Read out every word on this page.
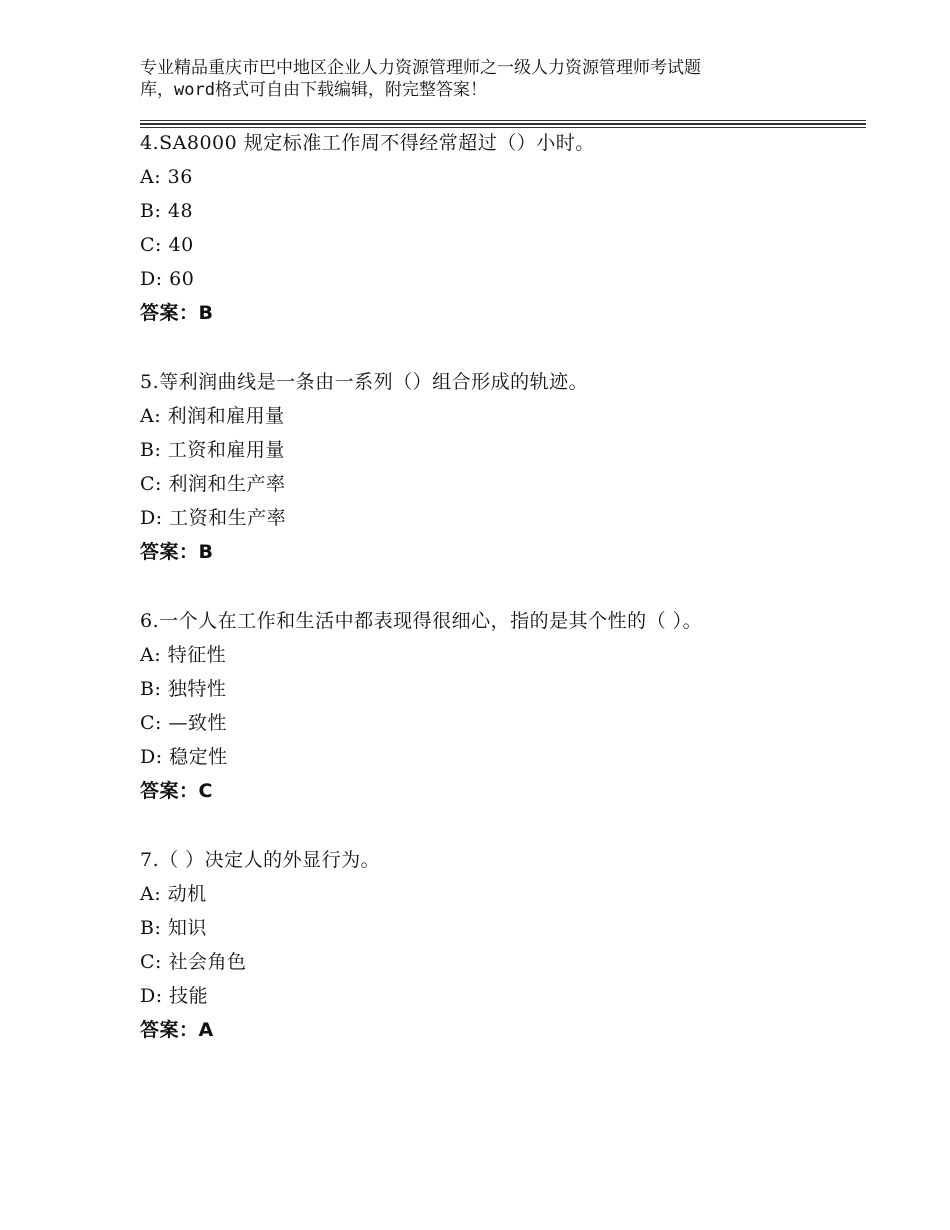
专业精品重庆市巴中地区企业人力资源管理师之一级人力资源管理师考试题
库，word格式可自由下载编辑，附完整答案！
4.SA8000 规定标准工作周不得经常超过（）小时。
A: 36
B: 48
C: 40
D: 60
答案：B
5.等利润曲线是一条由一系列（）组合形成的轨迹。
A: 利润和雇用量
B: 工资和雇用量
C: 利润和生产率
D: 工资和生产率
答案：B
6.一个人在工作和生活中都表现得很细心，指的是其个性的（ ）。
A: 特征性
B: 独特性
C: —致性
D: 稳定性
答案：C
7.（ ）决定人的外显行为。
A: 动机
B: 知识
C: 社会角色
D: 技能
答案：A
